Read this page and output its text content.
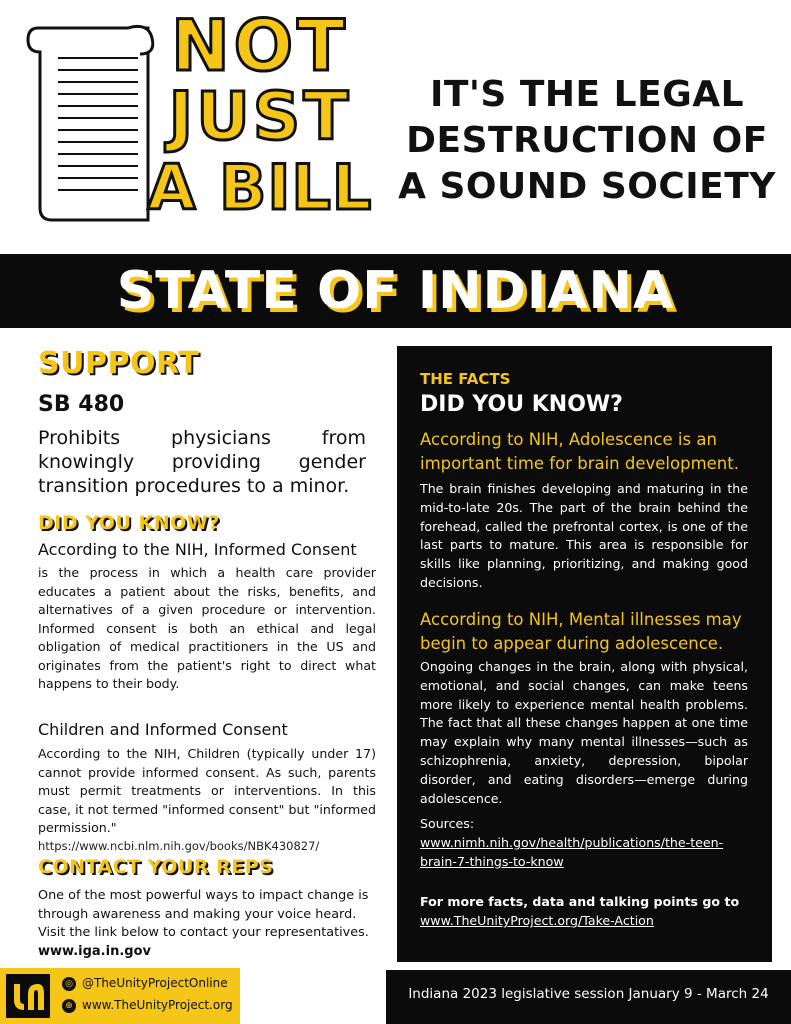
NOT
JUST
A BILL
IT'S THE LEGAL DESTRUCTION OF A SOUND SOCIETY
STATE OF INDIANA
SUPPORT
SB 480
Prohibits physicians from knowingly providing gender transition procedures to a minor.
DID YOU KNOW?
According to the NIH, Informed Consent
is the process in which a health care provider educates a patient about the risks, benefits, and alternatives of a given procedure or intervention. Informed consent is both an ethical and legal obligation of medical practitioners in the US and originates from the patient's right to direct what happens to their body.
Children and Informed Consent
According to the NIH, Children (typically under 17) cannot provide informed consent. As such, parents must permit treatments or interventions. In this case, it not termed "informed consent" but "informed permission."
https://www.ncbi.nlm.nih.gov/books/NBK430827/
CONTACT YOUR REPS
One of the most powerful ways to impact change is through awareness and making your voice heard. Visit the link below to contact your representatives.
www.iga.in.gov
THE FACTS
DID YOU KNOW?
According to NIH, Adolescence is an important time for brain development.
The brain finishes developing and maturing in the mid-to-late 20s. The part of the brain behind the forehead, called the prefrontal cortex, is one of the last parts to mature. This area is responsible for skills like planning, prioritizing, and making good decisions.
According to NIH, Mental illnesses may begin to appear during adolescence.
Ongoing changes in the brain, along with physical, emotional, and social changes, can make teens more likely to experience mental health problems. The fact that all these changes happen at one time may explain why many mental illnesses—such as schizophrenia, anxiety, depression, bipolar disorder, and eating disorders—emerge during adolescence.
Sources:
www.nimh.nih.gov/health/publications/the-teen-brain-7-things-to-know
For more facts, data and talking points go to
www.TheUnityProject.org/Take-Action
◎ @TheUnityProjectOnline
⊕ www.TheUnityProject.org
Indiana 2023 legislative session January 9 - March 24
